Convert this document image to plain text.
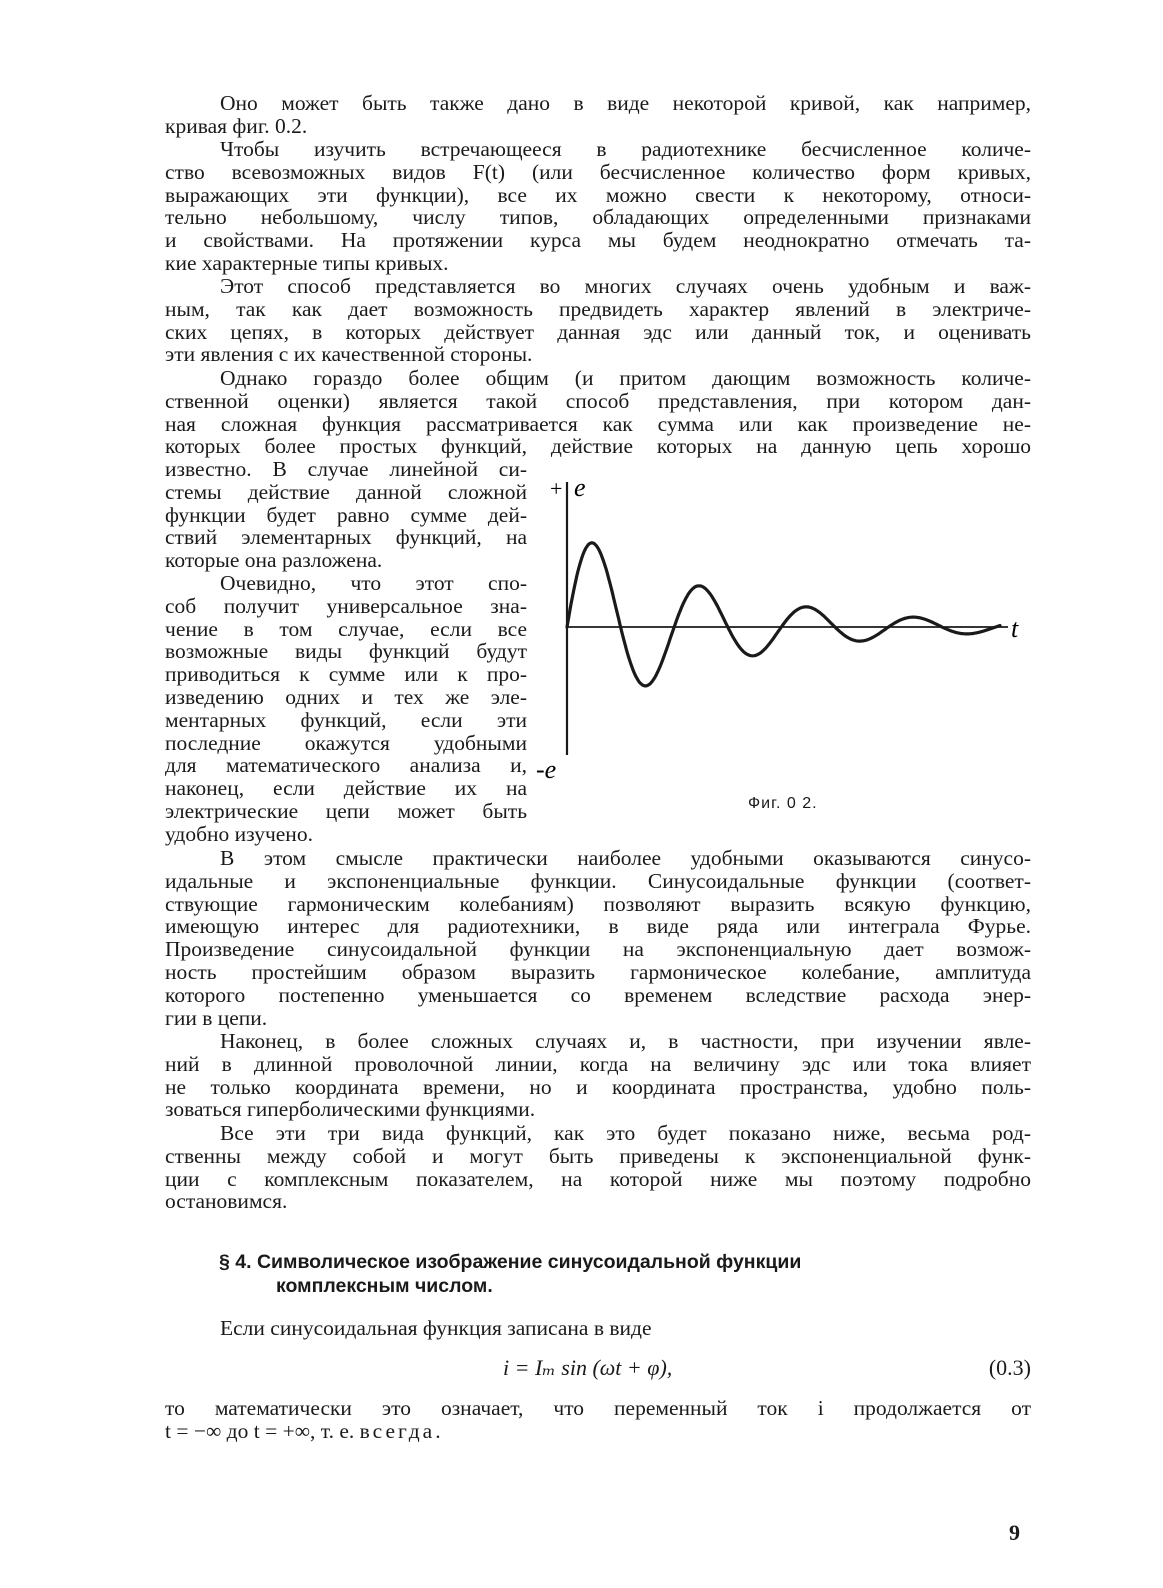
Оно может быть также дано в виде некоторой кривой, как например,
кривая фиг. 0.2.
Чтобы изучить встречающееся в радиотехнике бесчисленное количе-
ство всевозможных видов F(t) (или бесчисленное количество форм кривых,
выражающих эти функции), все их можно свести к некоторому, относи-
тельно небольшому, числу типов, обладающих определенными признаками
и свойствами. На протяжении курса мы будем неоднократно отмечать та-
кие характерные типы кривых.
Этот способ представляется во многих случаях очень удобным и важ-
ным, так как дает возможность предвидеть характер явлений в электриче-
ских цепях, в которых действует данная эдс или данный ток, и оценивать
эти явления с их качественной стороны.
Однако гораздо более общим (и притом дающим возможность количе-
ственной оценки) является такой способ представления, при котором дан-
ная сложная функция рассматривается как сумма или как произведение не-
которых более простых функций, действие которых на данную цепь хорошо
известно. В случае линейной си-
стемы действие данной сложной
функции будет равно сумме дей-
ствий элементарных функций, на
которые она разложена.
Очевидно, что этот спо-
соб получит универсальное зна-
чение в том случае, если все
возможные виды функций будут
приводиться к сумме или к про-
изведению одних и тех же эле-
ментарных функций, если эти
последние окажутся удобными
для математического анализа и,
наконец, если действие их на
электрические цепи может быть
удобно изучено.
+ e
-e
t
Фиг. 0 2.
В этом смысле практически наиболее удобными оказываются синусо-
идальные и экспоненциальные функции. Синусоидальные функции (соответ-
ствующие гармоническим колебаниям) позволяют выразить всякую функцию,
имеющую интерес для радиотехники, в виде ряда или интеграла Фурье.
Произведение синусоидальной функции на экспоненциальную дает возмож-
ность простейшим образом выразить гармоническое колебание, амплитуда
которого постепенно уменьшается со временем вследствие расхода энер-
гии в цепи.
Наконец, в более сложных случаях и, в частности, при изучении явле-
ний в длинной проволочной линии, когда на величину эдс или тока влияет
не только координата времени, но и координата пространства, удобно поль-
зоваться гиперболическими функциями.
Все эти три вида функций, как это будет показано ниже, весьма род-
ственны между собой и могут быть приведены к экспоненциальной функ-
ции с комплексным показателем, на которой ниже мы поэтому подробно
остановимся.
§ 4. Символическое изображение синусоидальной функции
комплексным числом.
Если синусоидальная функция записана в виде
i = Iₘ sin (ωt + φ),	(0.3)
то математически это означает, что переменный ток i продолжается от
t = −∞ до t = +∞, т. е. всегда.
9
